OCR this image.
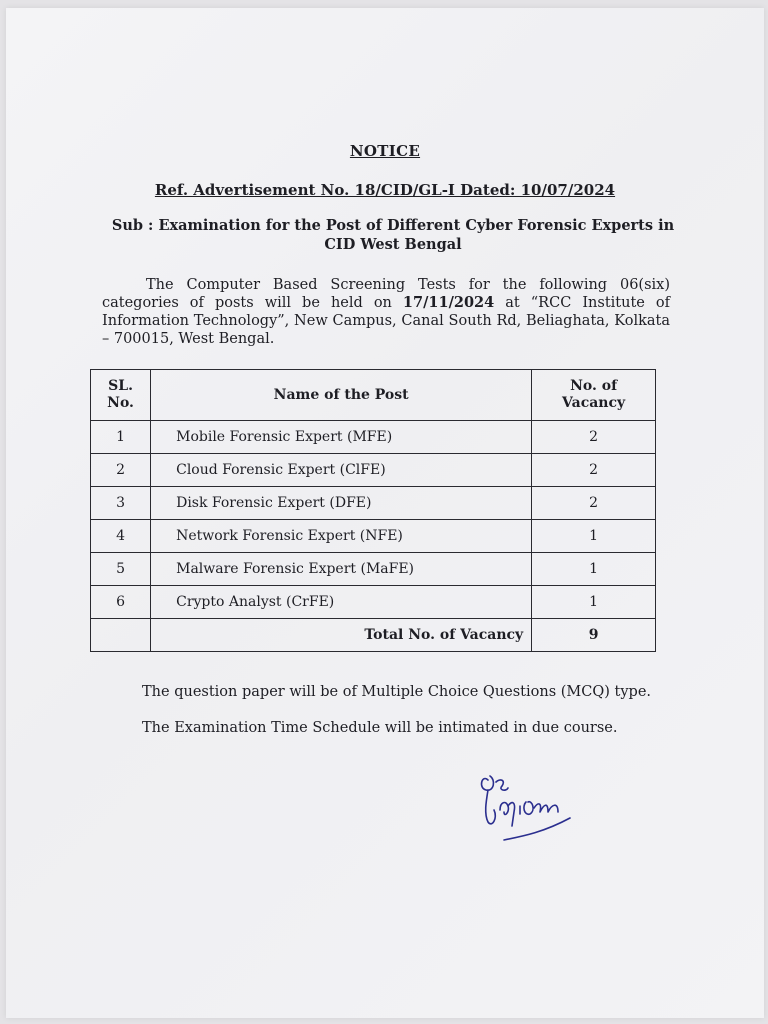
NOTICE
Ref. Advertisement No. 18/CID/GL-I Dated: 10/07/2024
Sub : Examination for the Post of Different Cyber Forensic Experts in
CID West Bengal
The Computer Based Screening Tests for the following 06(six) categories of posts will be held on 17/11/2024 at “RCC Institute of Information Technology”, New Campus, Canal South Rd, Beliaghata, Kolkata – 700015, West Bengal.
SL. No.	Name of the Post	No. of Vacancy
1	Mobile Forensic Expert (MFE)	2
2	Cloud Forensic Expert (ClFE)	2
3	Disk Forensic Expert (DFE)	2
4	Network Forensic Expert (NFE)	1
5	Malware Forensic Expert (MaFE)	1
6	Crypto Analyst (CrFE)	1
	Total No. of Vacancy	9
The question paper will be of Multiple Choice Questions (MCQ) type.
The Examination Time Schedule will be intimated in due course.
